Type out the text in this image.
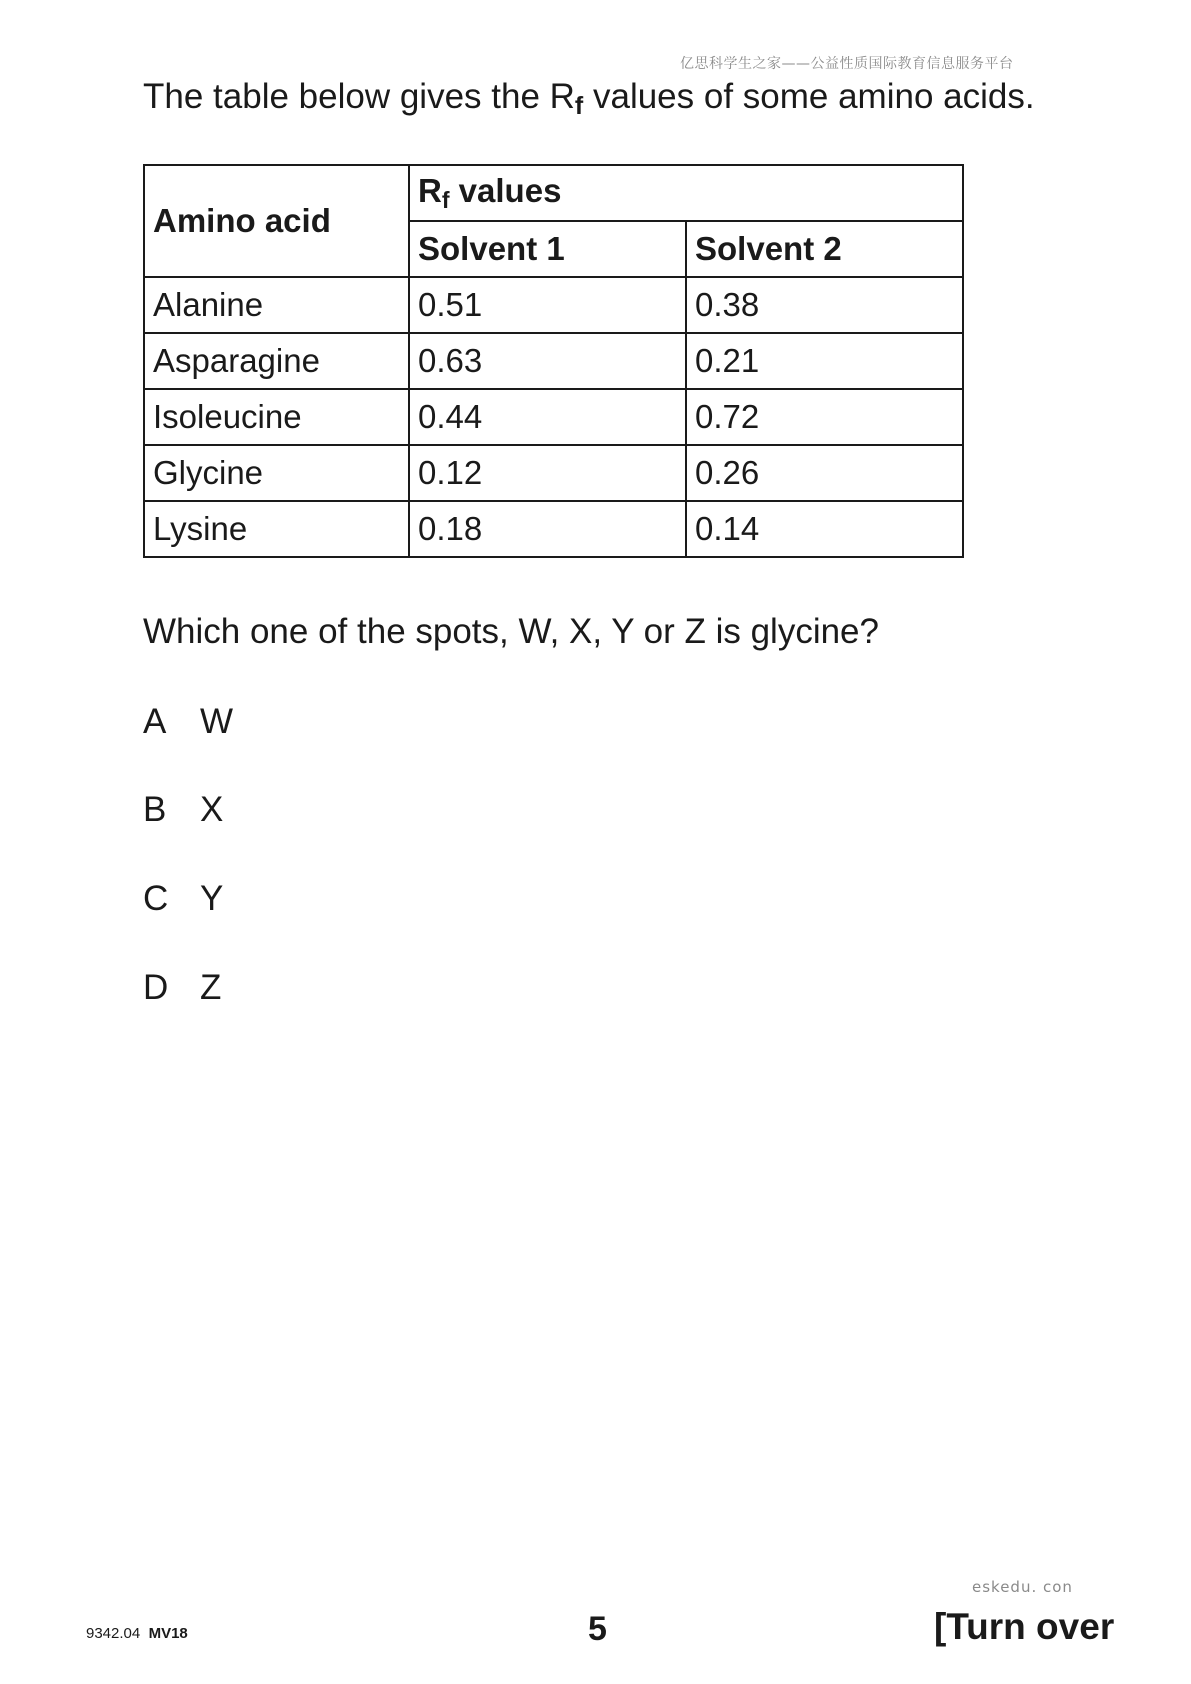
亿思科学生之家——公益性质国际教育信息服务平台
The table below gives the $R_f$ values of some amino acids.
Amino acid	$R_f$ values	
	Solvent 1	Solvent 2
Alanine	0.51	0.38
Asparagine	0.63	0.21
Isoleucine	0.44	0.72
Glycine	0.12	0.26
Lysine	0.18	0.14
Which one of the spots, W, X, Y or Z is glycine?
A W
B X
C Y
D Z
eskedu. con
9342.04 MV18	5	[Turn over
